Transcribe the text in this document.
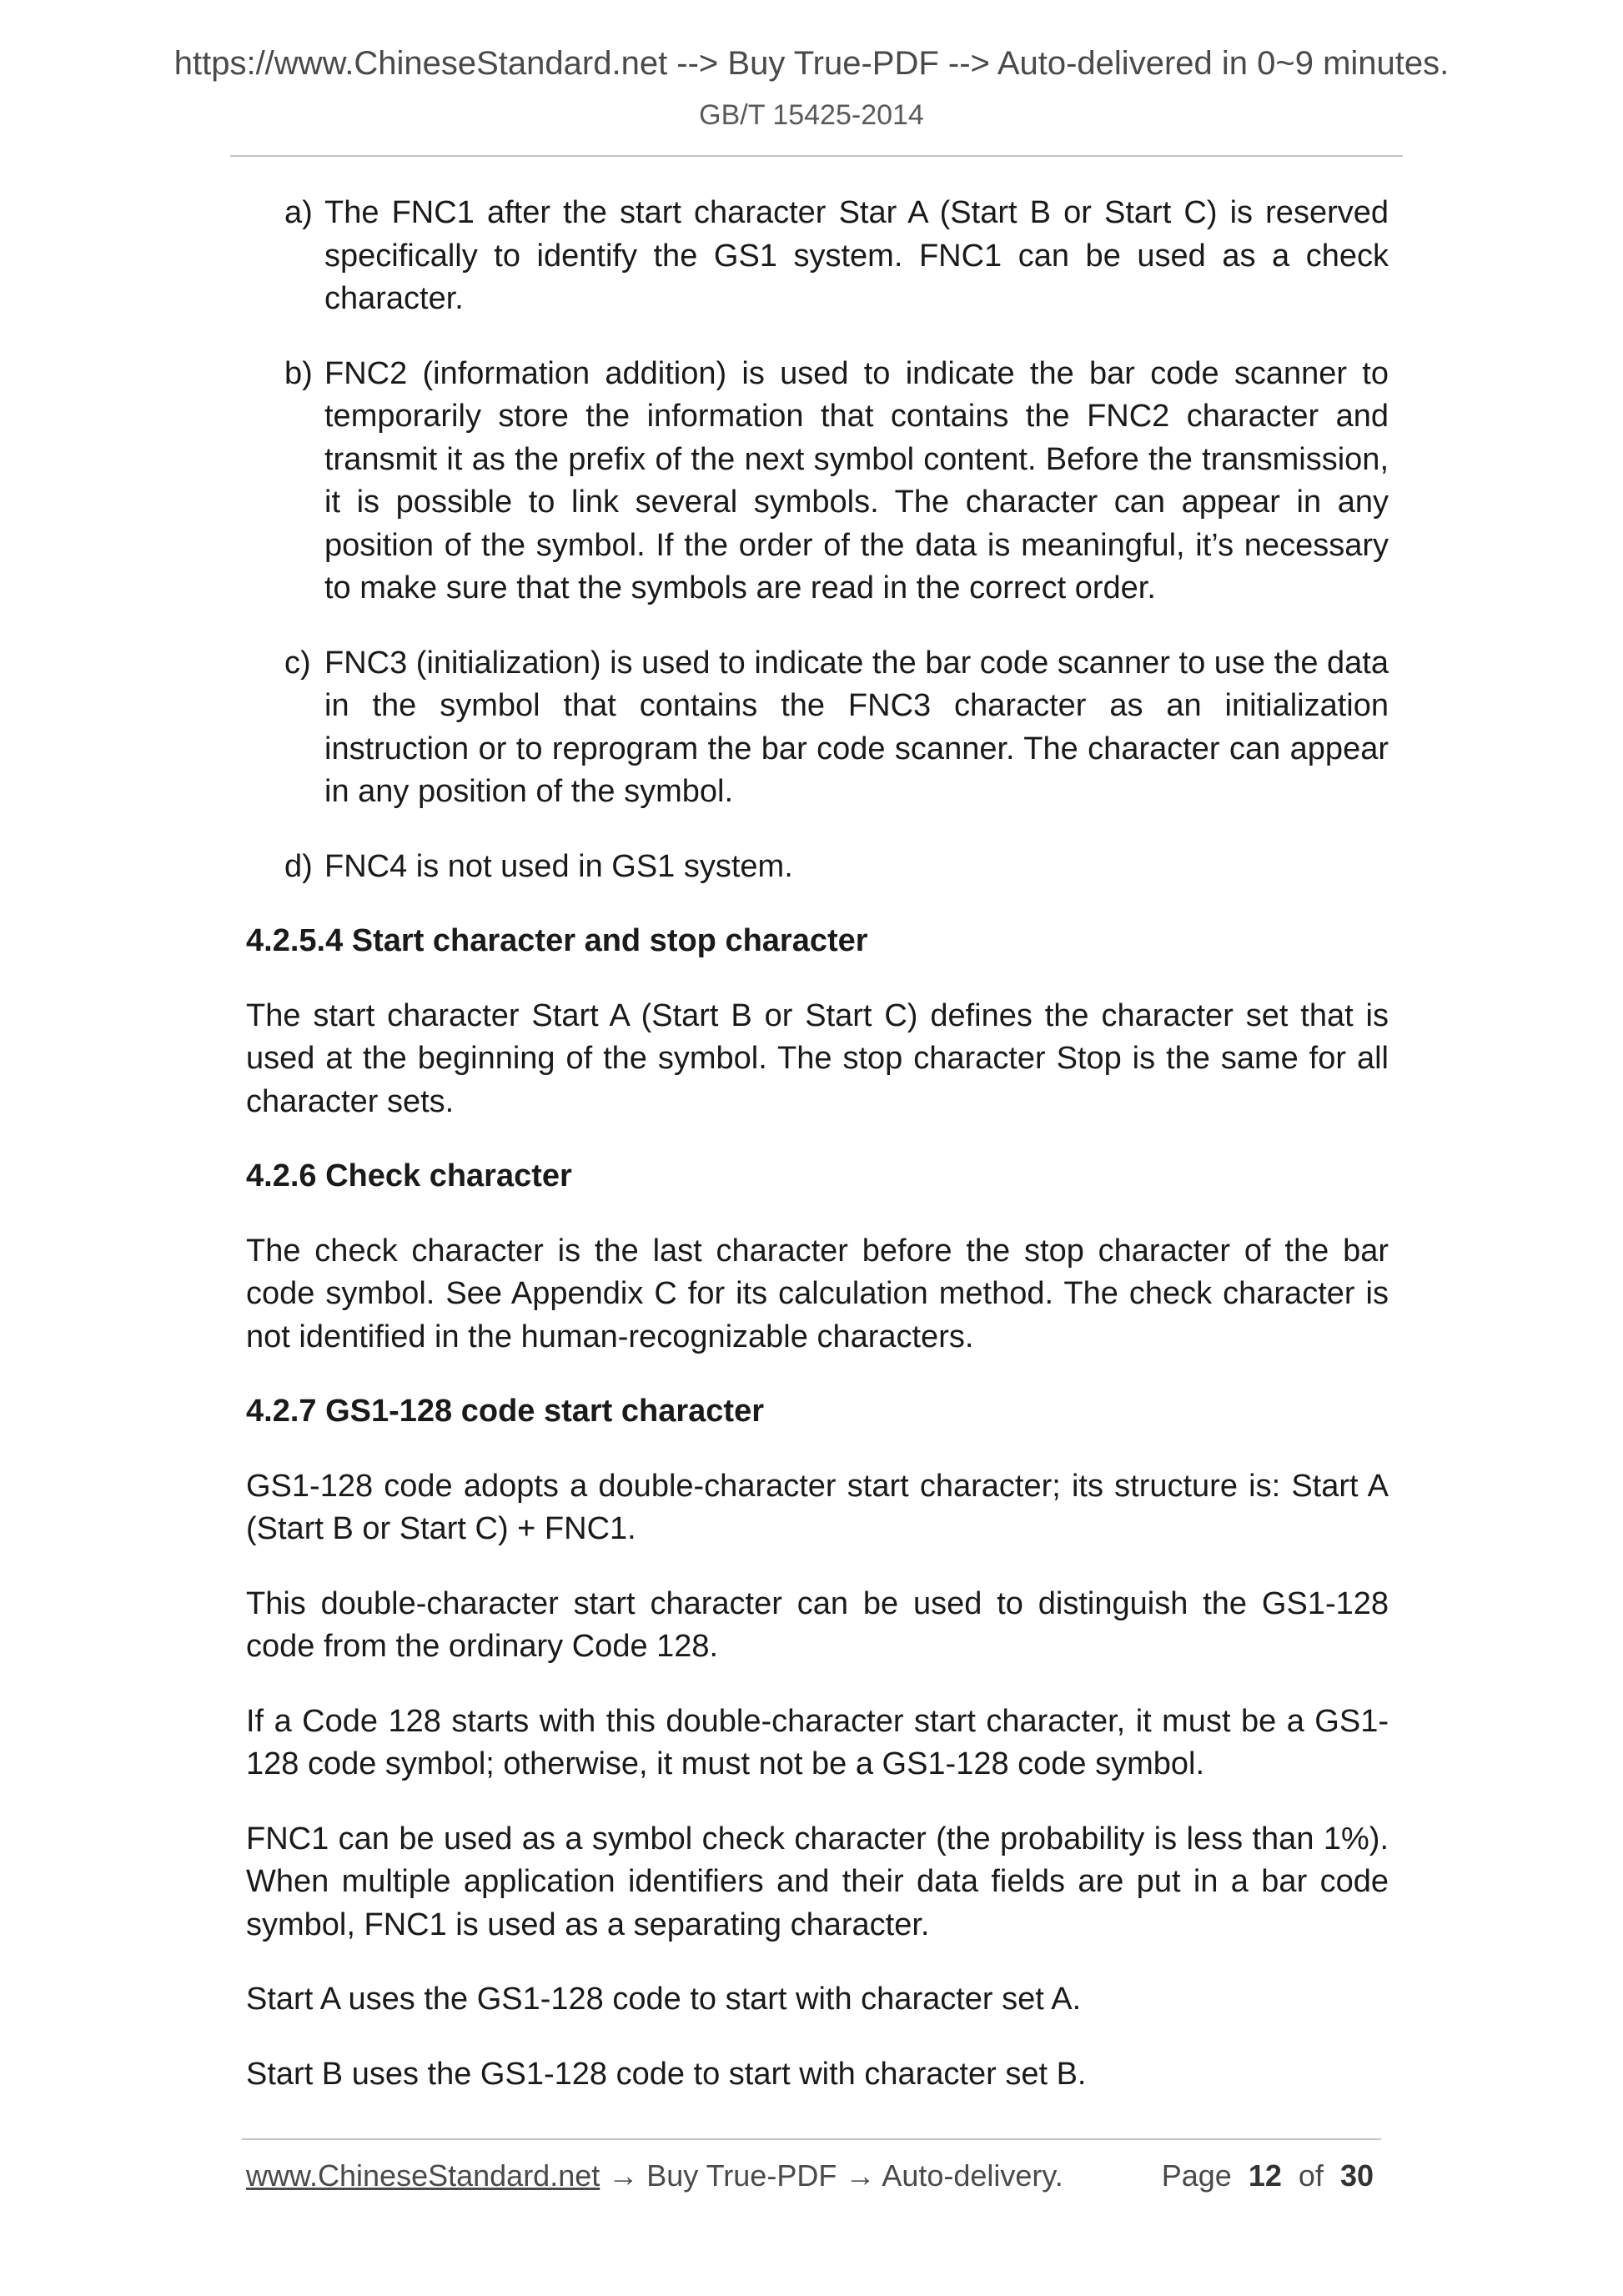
https://www.ChineseStandard.net --> Buy True-PDF --> Auto-delivered in 0~9 minutes.
GB/T 15425-2014
a) The FNC1 after the start character Star A (Start B or Start C) is reserved specifically to identify the GS1 system. FNC1 can be used as a check character.
b) FNC2 (information addition) is used to indicate the bar code scanner to temporarily store the information that contains the FNC2 character and transmit it as the prefix of the next symbol content. Before the transmission, it is possible to link several symbols. The character can appear in any position of the symbol. If the order of the data is meaningful, it’s necessary to make sure that the symbols are read in the correct order.
c) FNC3 (initialization) is used to indicate the bar code scanner to use the data in the symbol that contains the FNC3 character as an initialization instruction or to reprogram the bar code scanner. The character can appear in any position of the symbol.
d) FNC4 is not used in GS1 system.
4.2.5.4 Start character and stop character
The start character Start A (Start B or Start C) defines the character set that is used at the beginning of the symbol. The stop character Stop is the same for all character sets.
4.2.6 Check character
The check character is the last character before the stop character of the bar code symbol. See Appendix C for its calculation method. The check character is not identified in the human-recognizable characters.
4.2.7 GS1-128 code start character
GS1-128 code adopts a double-character start character; its structure is: Start A (Start B or Start C) + FNC1.
This double-character start character can be used to distinguish the GS1-128 code from the ordinary Code 128.
If a Code 128 starts with this double-character start character, it must be a GS1-128 code symbol; otherwise, it must not be a GS1-128 code symbol.
FNC1 can be used as a symbol check character (the probability is less than 1%). When multiple application identifiers and their data fields are put in a bar code symbol, FNC1 is used as a separating character.
Start A uses the GS1-128 code to start with character set A.
Start B uses the GS1-128 code to start with character set B.
www.ChineseStandard.net → Buy True-PDF → Auto-delivery.	Page 12 of 30
